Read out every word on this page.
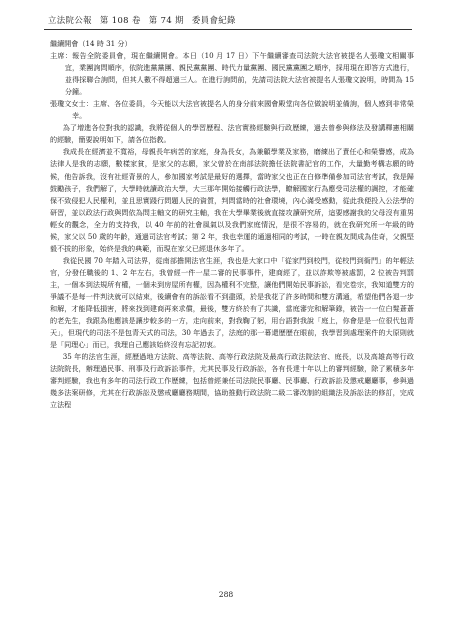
立法院公報 第 108 卷 第 74 期 委員會紀錄

繼續開會（14 時 31 分）

主席：報告全院委員會，現在繼續開會。本日（10 月 17 日）下午繼續審查司法院大法官被提名人張瓊文相關事宜，業團詢問順序，依院進黨黨團、親民黨黨團、時代力量黨團、國民黨黨團之順序，採用現在即答方式進行，並得採聯合詢問，但其人數不得超過三人。在進行詢問前，先請司法院大法官被提名人張瓊文說明，時間為 15 分鐘。

張瓊文女士：主席、各位委員，今天能以大法官被提名人的身分前來國會殿堂向各位做說明並備詢，個人感到非常榮幸。

為了增進各位對我的認識，我將從個人的學習歷程、法官實務經驗與行政歷練，過去曾參與修法及發講釋憲相關的經驗，簡要說明如下，請各位指教。

我成長在經濟並不寬裕，母親長年病苦的家庭，身為長女，為兼顧學業及家務，磨練出了責任心和榮譽感，成為法律人是我的志願，數樣家貧，是家父的志願，家父曾於在南部法院擔任法院書記官的工作，大量勤考構志願的時候，他告訴我，沒有社經背景的人，參加國家考試是最好的選擇，當時家父也正在白修準備參加司法官考試，我是歸鼓勵孩子，我們解了，大學時就讀政治大學，大三那年開始接觸行政法學，瞭解國家行為應受司法權的調控，才能確保不致侵犯人民權利，並且思實踐行問題人民的資質，判問當時的社會環境，內心滿受感動，從此我便投入公法學的研習，並以政法行政與問依為問主軸文的研究主軸，我在大學畢業後就直接攻讀研究所，這要感謝我的父母沒有重男輕女的觀念，全力的支持我，以 40 年前的社會風氣以及我們家庭情況，是很不容易的，就在我研究所一年級的時候，家父以 50 歲的年齡，通過司法官考試；第 2 年，我也幸運的通過相同的考試，一時在親友間成為佳奇，父親堅毅不拔的形象，始終是我的典範，而現在家父已經退休多年了。

我從民國 70 年踏入司法界，從南部擔開法官生涯，我也是大家口中「從家門到校門，從校門到衙門」的年輕法官，分發任職後的 1、2 年左右，我曾經一件一屋二審的民事事件，建商經了，並以詐欺等被處罰，2 位被告判罰主，一個本到法規所有權，一個未到房屋所有權，因為權利不完整，讓他們開始民事訴訟，看完卷宗，我知道雙方的爭議不是每一件判決就可以結束，後續會有的訴訟看不到盡頭，於是我花了許多時間和雙方溝通，希望他們各退一步和解，才能降低損害，將來找到建商再來求償，最後，雙方終於有了共識，當庭審完和解筆錄，被告一一位白髮蒼蒼的老先生，我跟為他應該是讓步較多的一方，走向前來，對我鞠了躬，用台語對我說「庭上，你會是是一位很代包青天」，但現代的司法不是包青天式的司法，30 年過去了，法庭的那一幕還歷歷在眼前，我學習到處理案件的大原則就是「同理心」而已，我理自己應該始終沒有忘記初衷。

35 年的法官生涯，經歷過地方法院、高等法院、高等行政法院及最高行政法院法官、庭長，以及高雄高等行政法院院長，辦理過民事、刑事及行政訴訟事件，尤其民事及行政訴訟，各有長達十年以上的審判經驗，除了累積多年審判經驗，我也有多年的司法行政工作歷練，包括曾經兼任司法院民事廳、民事廳、行政訴訟及懲戒廳廳事，參與過幾多法案研修，尤其在行政訴訟及懲戒廳廳務期間，協助推動行政法院二級二審改制的組織法及訴訟法的修訂，完成立法程

288
